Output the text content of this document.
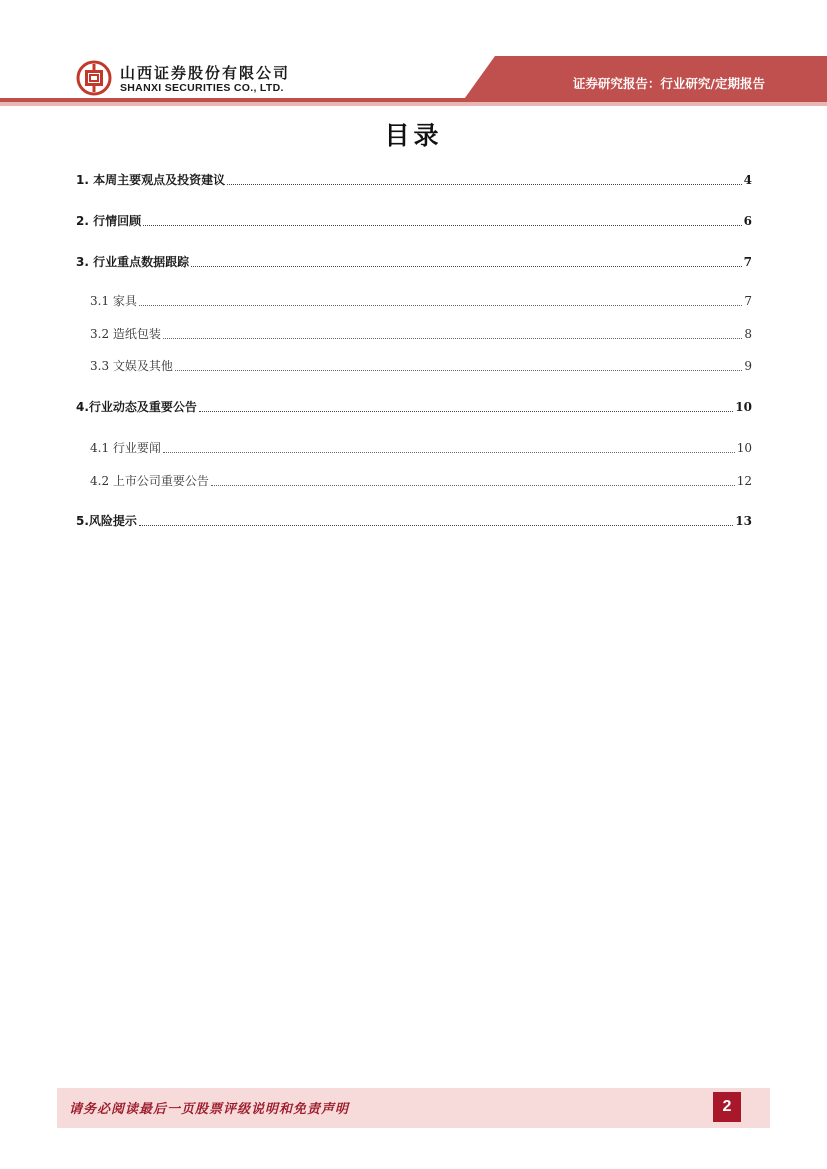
山西证券股份有限公司
SHANXI SECURITIES CO., LTD.	证券研究报告：行业研究/定期报告
目录
1. 本周主要观点及投资建议	4
2. 行情回顾	6
3. 行业重点数据跟踪	7
3.1 家具	7
3.2 造纸包装	8
3.3 文娱及其他	9
4.行业动态及重要公告	10
4.1 行业要闻	10
4.2 上市公司重要公告	12
5.风险提示	13
请务必阅读最后一页股票评级说明和免责声明	2
